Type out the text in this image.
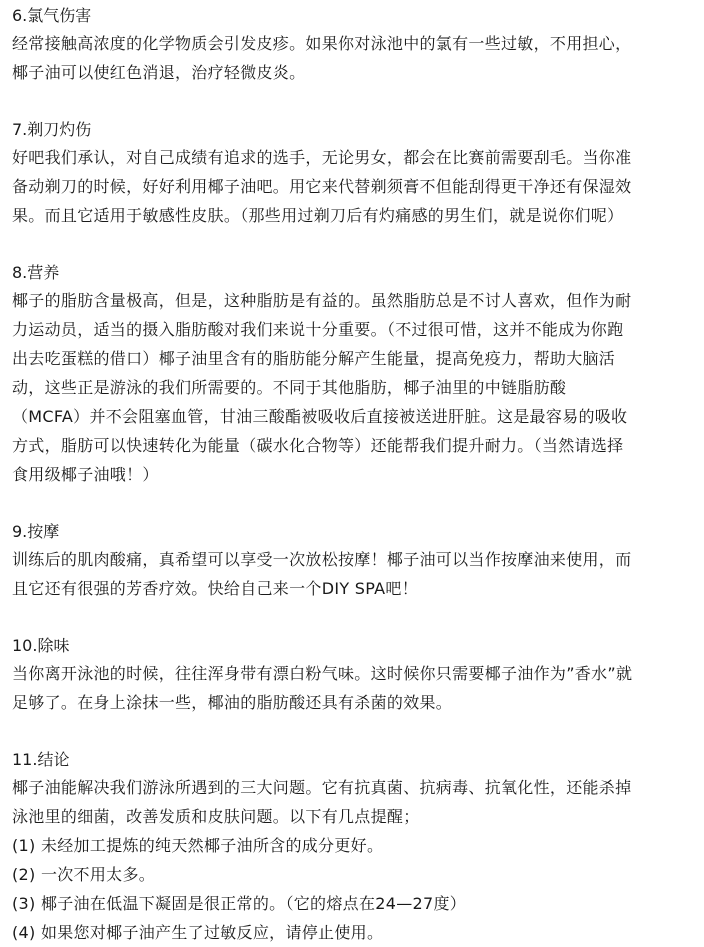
6.氯气伤害
经常接触高浓度的化学物质会引发皮疹。如果你对泳池中的氯有一些过敏，不用担心，
椰子油可以使红色消退，治疗轻微皮炎。
7.剃刀灼伤
好吧我们承认，对自己成绩有追求的选手，无论男女，都会在比赛前需要刮毛。当你准
备动剃刀的时候，好好利用椰子油吧。用它来代替剃须膏不但能刮得更干净还有保湿效
果。而且它适用于敏感性皮肤。（那些用过剃刀后有灼痛感的男生们，就是说你们呢）
8.营养
椰子的脂肪含量极高，但是，这种脂肪是有益的。虽然脂肪总是不讨人喜欢，但作为耐
力运动员，适当的摄入脂肪酸对我们来说十分重要。（不过很可惜，这并不能成为你跑
出去吃蛋糕的借口）椰子油里含有的脂肪能分解产生能量，提高免疫力，帮助大脑活
动，这些正是游泳的我们所需要的。不同于其他脂肪，椰子油里的中链脂肪酸
（MCFA）并不会阻塞血管，甘油三酸酯被吸收后直接被送进肝脏。这是最容易的吸收
方式，脂肪可以快速转化为能量（碳水化合物等）还能帮我们提升耐力。（当然请选择
食用级椰子油哦！）
9.按摩
训练后的肌肉酸痛，真希望可以享受一次放松按摩！椰子油可以当作按摩油来使用，而
且它还有很强的芳香疗效。快给自己来一个DIY SPA吧！
10.除味
当你离开泳池的时候，往往浑身带有漂白粉气味。这时候你只需要椰子油作为”香水”就
足够了。在身上涂抹一些，椰油的脂肪酸还具有杀菌的效果。
11.结论
椰子油能解决我们游泳所遇到的三大问题。它有抗真菌、抗病毒、抗氧化性，还能杀掉
泳池里的细菌，改善发质和皮肤问题。以下有几点提醒；
(1) 未经加工提炼的纯天然椰子油所含的成分更好。
(2) 一次不用太多。
(3) 椰子油在低温下凝固是很正常的。（它的熔点在24—27度）
(4) 如果您对椰子油产生了过敏反应，请停止使用。
